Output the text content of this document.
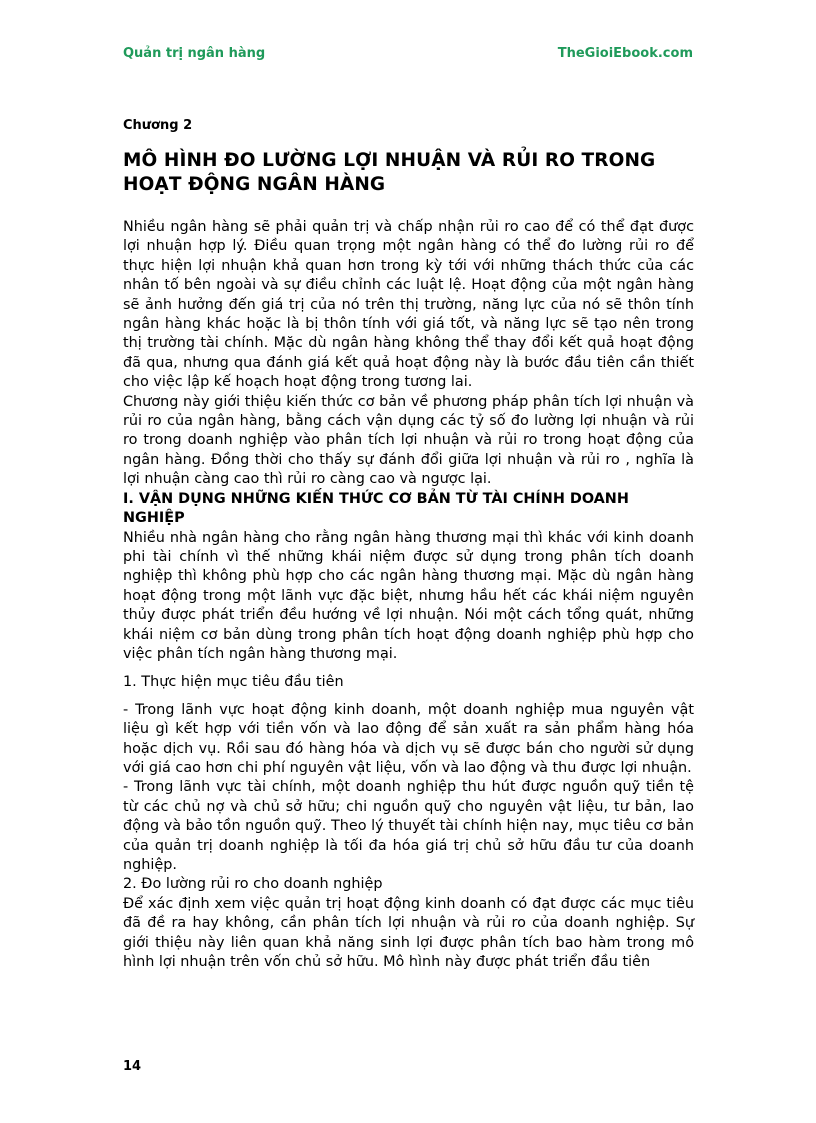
Quản trị ngân hàng	TheGioiEbook.com
Chương 2
MÔ HÌNH ĐO LƯỜNG LỢI NHUẬN VÀ RỦI RO TRONG HOẠT ĐỘNG NGÂN HÀNG

Nhiều ngân hàng sẽ phải quản trị và chấp nhận rủi ro cao để có thể đạt được lợi nhuận hợp lý. Điều quan trọng một ngân hàng có thể đo lường rủi ro để thực hiện lợi nhuận khả quan hơn trong kỳ tới với những thách thức của các nhân tố bên ngoài và sự điều chỉnh các luật lệ. Hoạt động của một ngân hàng sẽ ảnh hưởng đến giá trị của nó trên thị trường, năng lực của nó sẽ thôn tính ngân hàng khác hoặc là bị thôn tính với giá tốt, và năng lực sẽ tạo nên trong thị trường tài chính. Mặc dù ngân hàng không thể thay đổi kết quả hoạt động đã qua, nhưng qua đánh giá kết quả hoạt động này là bước đầu tiên cần thiết cho việc lập kế hoạch hoạt động trong tương lai.

Chương này giới thiệu kiến thức cơ bản về phương pháp phân tích lợi nhuận và rủi ro của ngân hàng, bằng cách vận dụng các tỷ số đo lường lợi nhuận và rủi ro trong doanh nghiệp vào phân tích lợi nhuận và rủi ro trong hoạt động của ngân hàng. Đồng thời cho thấy sự đánh đổi giữa lợi nhuận và rủi ro , nghĩa là lợi nhuận càng cao thì rủi ro càng cao và ngược lại.

I. VẬN DỤNG NHỮNG KIẾN THỨC CƠ BẢN TỪ TÀI CHÍNH DOANH NGHIỆP

Nhiều nhà ngân hàng cho rằng ngân hàng thương mại thì khác với kinh doanh phi tài chính vì thế những khái niệm được sử dụng trong phân tích doanh nghiệp thì không phù hợp cho các ngân hàng thương mại. Mặc dù ngân hàng hoạt động trong một lãnh vực đặc biệt, nhưng hầu hết các khái niệm nguyên thủy được phát triển đều hướng về lợi nhuận. Nói một cách tổng quát, những khái niệm cơ bản dùng trong phân tích hoạt động doanh nghiệp phù hợp cho việc phân tích ngân hàng thương mại.

1. Thực hiện mục tiêu đầu tiên

- Trong lãnh vực hoạt động kinh doanh, một doanh nghiệp mua nguyên vật liệu gì kết hợp với tiền vốn và lao động để sản xuất ra sản phẩm hàng hóa hoặc dịch vụ. Rồi sau đó hàng hóa và dịch vụ sẽ được bán cho người sử dụng với giá cao hơn chi phí nguyên vật liệu, vốn và lao động và thu được lợi nhuận.

- Trong lãnh vực tài chính, một doanh nghiệp thu hút được nguồn quỹ tiền tệ từ các chủ nợ và chủ sở hữu; chi nguồn quỹ cho nguyên vật liệu, tư bản, lao động và bảo tồn nguồn quỹ. Theo lý thuyết tài chính hiện nay, mục tiêu cơ bản của quản trị doanh nghiệp là tối đa hóa giá trị chủ sở hữu đầu tư của doanh nghiệp.

2. Đo lường rủi ro cho doanh nghiệp

Để xác định xem việc quản trị hoạt động kinh doanh có đạt được các mục tiêu đã đề ra hay không, cần phân tích lợi nhuận và rủi ro của doanh nghiệp. Sự giới thiệu này liên quan khả năng sinh lợi được phân tích bao hàm trong mô hình lợi nhuận trên vốn chủ sở hữu. Mô hình này được phát triển đầu tiên

14
